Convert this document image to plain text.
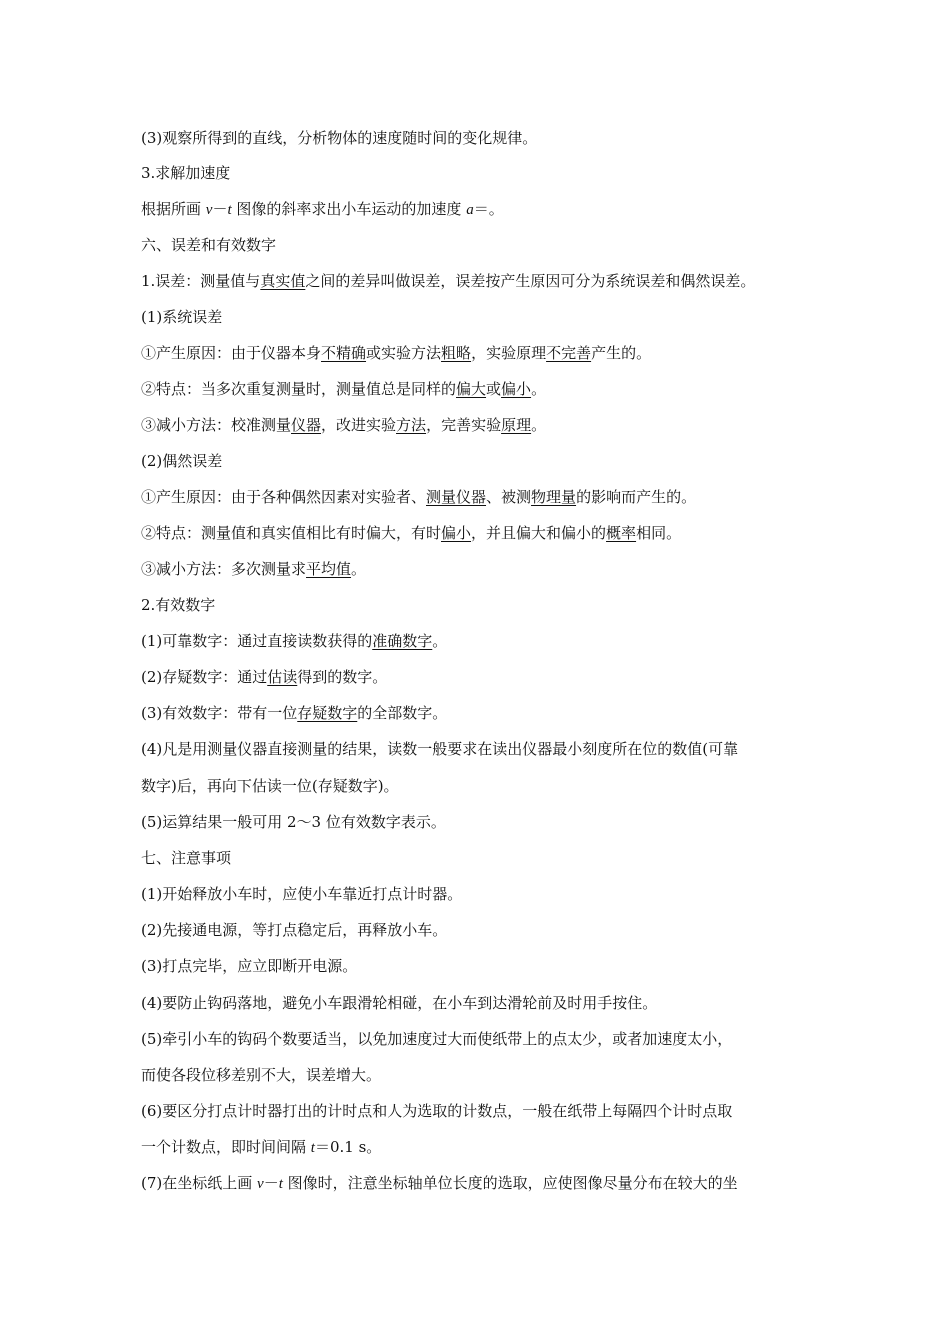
(3)观察所得到的直线，分析物体的速度随时间的变化规律。
3.求解加速度
根据所画 v－t 图像的斜率求出小车运动的加速度 a＝。
六、误差和有效数字
1.误差：测量值与真实值之间的差异叫做误差，误差按产生原因可分为系统误差和偶然误差。
(1)系统误差
①产生原因：由于仪器本身不精确或实验方法粗略，实验原理不完善产生的。
②特点：当多次重复测量时，测量值总是同样的偏大或偏小。
③减小方法：校准测量仪器，改进实验方法，完善实验原理。
(2)偶然误差
①产生原因：由于各种偶然因素对实验者、测量仪器、被测物理量的影响而产生的。
②特点：测量值和真实值相比有时偏大，有时偏小，并且偏大和偏小的概率相同。
③减小方法：多次测量求平均值。
2.有效数字
(1)可靠数字：通过直接读数获得的准确数字。
(2)存疑数字：通过估读得到的数字。
(3)有效数字：带有一位存疑数字的全部数字。
(4)凡是用测量仪器直接测量的结果，读数一般要求在读出仪器最小刻度所在位的数值(可靠
数字)后，再向下估读一位(存疑数字)。
(5)运算结果一般可用 2～3 位有效数字表示。
七、注意事项
(1)开始释放小车时，应使小车靠近打点计时器。
(2)先接通电源，等打点稳定后，再释放小车。
(3)打点完毕，应立即断开电源。
(4)要防止钩码落地，避免小车跟滑轮相碰，在小车到达滑轮前及时用手按住。
(5)牵引小车的钩码个数要适当，以免加速度过大而使纸带上的点太少，或者加速度太小，
而使各段位移差别不大，误差增大。
(6)要区分打点计时器打出的计时点和人为选取的计数点，一般在纸带上每隔四个计时点取
一个计数点，即时间间隔 t＝0.1 s。
(7)在坐标纸上画 v－t 图像时，注意坐标轴单位长度的选取，应使图像尽量分布在较大的坐
